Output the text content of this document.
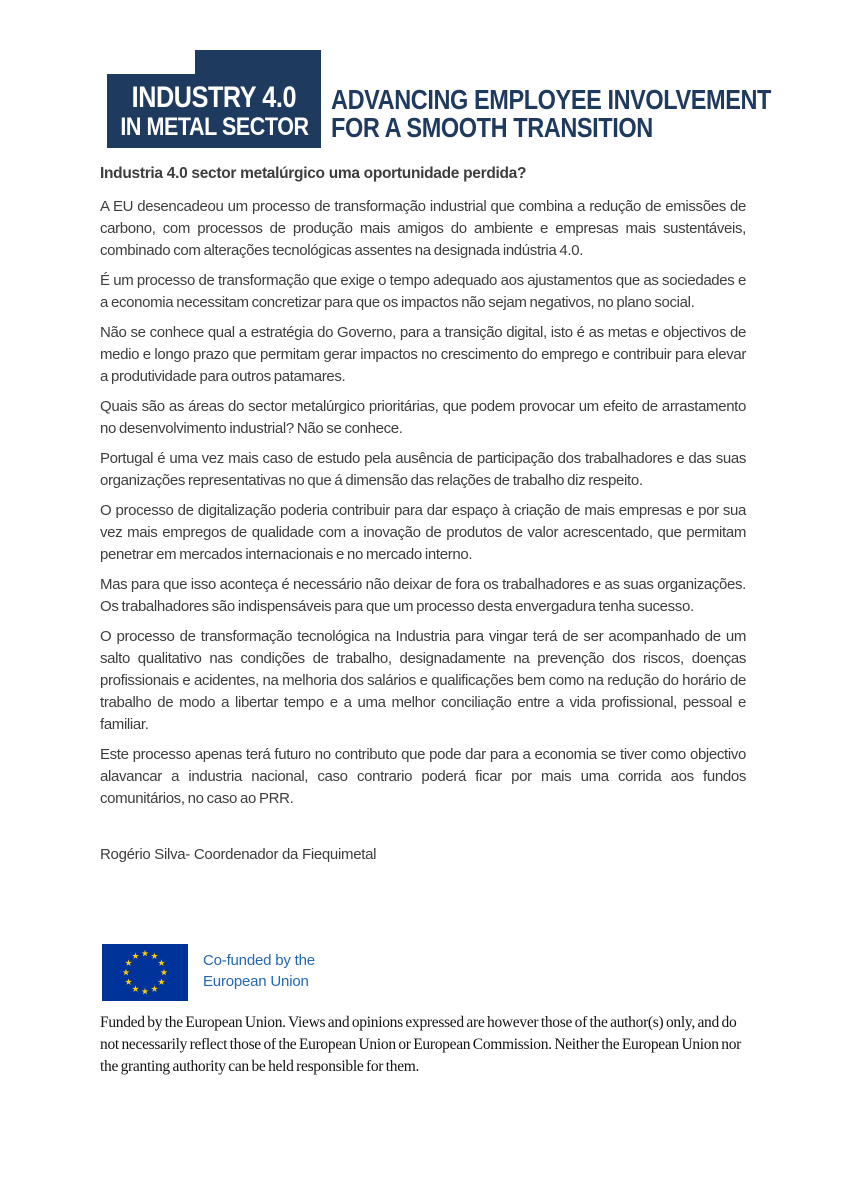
INDUSTRY 4.0
IN METAL SECTOR
ADVANCING EMPLOYEE INVOLVEMENT
FOR A SMOOTH TRANSITION
Industria 4.0 sector metalúrgico uma oportunidade perdida?

A EU desencadeou um processo de transformação industrial que combina a redução de emissões de carbono, com processos de produção mais amigos do ambiente e empresas mais sustentáveis, combinado com alterações tecnológicas assentes na designada indústria 4.0.

É um processo de transformação que exige o tempo adequado aos ajustamentos que as sociedades e a economia necessitam concretizar para que os impactos não sejam negativos, no plano social.

Não se conhece qual a estratégia do Governo, para a transição digital, isto é as metas e objectivos de medio e longo prazo que permitam gerar impactos no crescimento do emprego e contribuir para elevar a produtividade para outros patamares.

Quais são as áreas do sector metalúrgico prioritárias, que podem provocar um efeito de arrastamento no desenvolvimento industrial? Não se conhece.

Portugal é uma vez mais caso de estudo pela ausência de participação dos trabalhadores e das suas organizações representativas no que á dimensão das relações de trabalho diz respeito.

O processo de digitalização poderia contribuir para dar espaço à criação de mais empresas e por sua vez mais empregos de qualidade com a inovação de produtos de valor acrescentado, que permitam penetrar em mercados internacionais e no mercado interno.

Mas para que isso aconteça é necessário não deixar de fora os trabalhadores e as suas organizações. Os trabalhadores são indispensáveis para que um processo desta envergadura tenha sucesso.

O processo de transformação tecnológica na Industria para vingar terá de ser acompanhado de um salto qualitativo nas condições de trabalho, designadamente na prevenção dos riscos, doenças profissionais e acidentes, na melhoria dos salários e qualificações bem como na redução do horário de trabalho de modo a libertar tempo e a uma melhor conciliação entre a vida profissional, pessoal e familiar.

Este processo apenas terá futuro no contributo que pode dar para a economia se tiver como objectivo alavancar a industria nacional, caso contrario poderá ficar por mais uma corrida aos fundos comunitários, no caso ao PRR.

Rogério Silva- Coordenador da Fiequimetal
Co-funded by the European Union
Funded by the European Union. Views and opinions expressed are however those of the author(s) only, and do not necessarily reflect those of the European Union or European Commission. Neither the European Union nor the granting authority can be held responsible for them.
